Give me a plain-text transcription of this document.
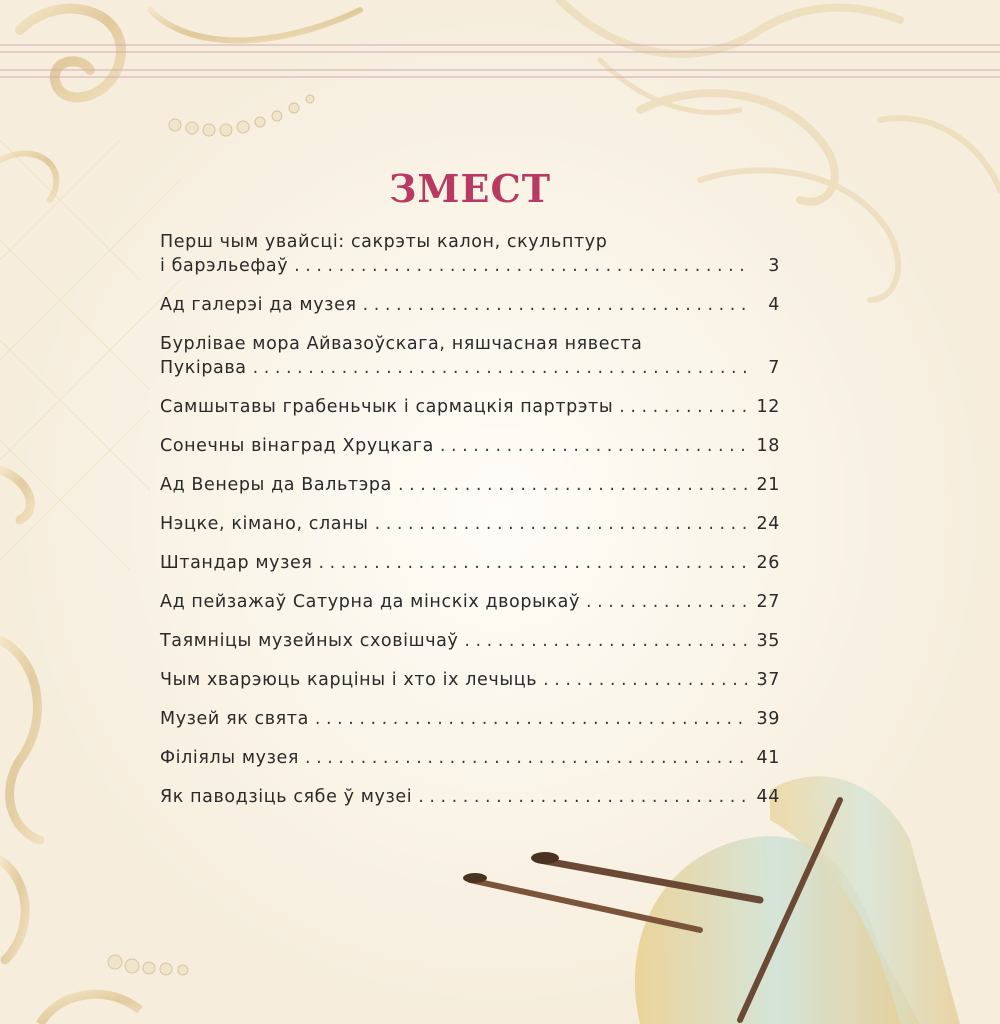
ЗМЕСТ
Перш чым увайсці: сакрэты калон, скульптур
і барэльефаў . . .	3
Ад галерэі да музея . . .	4
Бурлівае мора Айвазоўскага, няшчасная нявеста
Пукірава . . .	7
Самшытавы грабеньчык і сармацкія партрэты . . .	12
Сонечны вінаград Хруцкага . . .	18
Ад Венеры да Вальтэра . . .	21
Нэцке, кімано, сланы . . .	24
Штандар музея . . .	26
Ад пейзажаў Сатурна да мінскіх дворыкаў . . .	27
Таямніцы музейных сховішчаў . . .	35
Чым хварэюць карціны і хто іх лечыць . . .	37
Музей як свята . . .	39
Філіялы музея . . .	41
Як паводзіць сябе ў музеі . . .	44
